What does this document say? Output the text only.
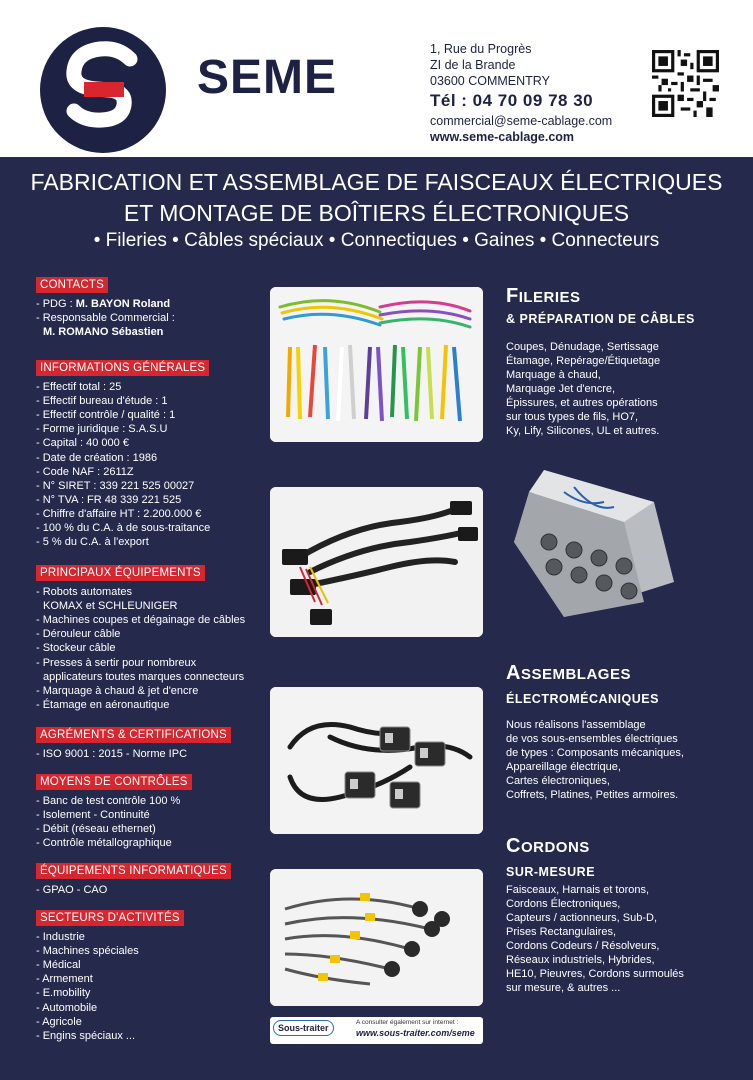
SEME
1, Rue du Progrès
ZI de la Brande
03600 COMMENTRY
Tél : 04 70 09 78 30
commercial@seme-cablage.com
www.seme-cablage.com
FABRICATION ET ASSEMBLAGE DE FAISCEAUX ÉLECTRIQUES
ET MONTAGE DE BOÎTIERS ÉLECTRONIQUES
• Fileries • Câbles spéciaux • Connectiques • Gaines • Connecteurs
CONTACTS
- PDG : M. BAYON Roland
- Responsable Commercial :
M. ROMANO Sébastien
INFORMATIONS GÉNÉRALES
- Effectif total : 25
- Effectif bureau d'étude : 1
- Effectif contrôle / qualité : 1
- Forme juridique : S.A.S.U
- Capital : 40 000 €
- Date de création : 1986
- Code NAF : 2611Z
- N° SIRET : 339 221 525 00027
- N° TVA : FR 48 339 221 525
- Chiffre d'affaire HT : 2.200.000 €
- 100 % du C.A. à de sous-traitance
- 5 % du C.A. à l'export
PRINCIPAUX ÉQUIPEMENTS
- Robots automates
KOMAX et SCHLEUNIGER
- Machines coupes et dégainage de câbles
- Dérouleur câble
- Stockeur câble
- Presses à sertir pour nombreux
applicateurs toutes marques connecteurs
- Marquage à chaud & jet d'encre
- Étamage en aéronautique
AGRÉMENTS & CERTIFICATIONS
- ISO 9001 : 2015 - Norme IPC
MOYENS DE CONTRÔLES
- Banc de test contrôle 100 %
- Isolement - Continuité
- Débit (réseau ethernet)
- Contrôle métallographique
ÉQUIPEMENTS INFORMATIQUES
- GPAO - CAO
SECTEURS D'ACTIVITÉS
- Industrie
- Machines spéciales
- Médical
- Armement
- E.mobility
- Automobile
- Agricole
- Engins spéciaux ...
FILERIES
& PRÉPARATION DE CÂBLES
Coupes, Dénudage, Sertissage
Étamage, Repérage/Étiquetage
Marquage à chaud,
Marquage Jet d'encre,
Épissures, et autres opérations
sur tous types de fils, HO7,
Ky, Lify, Silicones, UL et autres.
ASSEMBLAGES
ÉLECTROMÉCANIQUES
Nous réalisons l'assemblage
de vos sous-ensembles électriques
de types : Composants mécaniques,
Appareillage électrique,
Cartes électroniques,
Coffrets, Platines, Petites armoires.
CORDONS
SUR-MESURE
Faisceaux, Harnais et torons,
Cordons Électroniques,
Capteurs / actionneurs, Sub-D,
Prises Rectangulaires,
Cordons Codeurs / Résolveurs,
Réseaux industriels, Hybrides,
HE10, Pieuvres, Cordons surmoulés
sur mesure, & autres ...
Sous-traiter
A consulter également sur internet :
www.sous-traiter.com/seme
